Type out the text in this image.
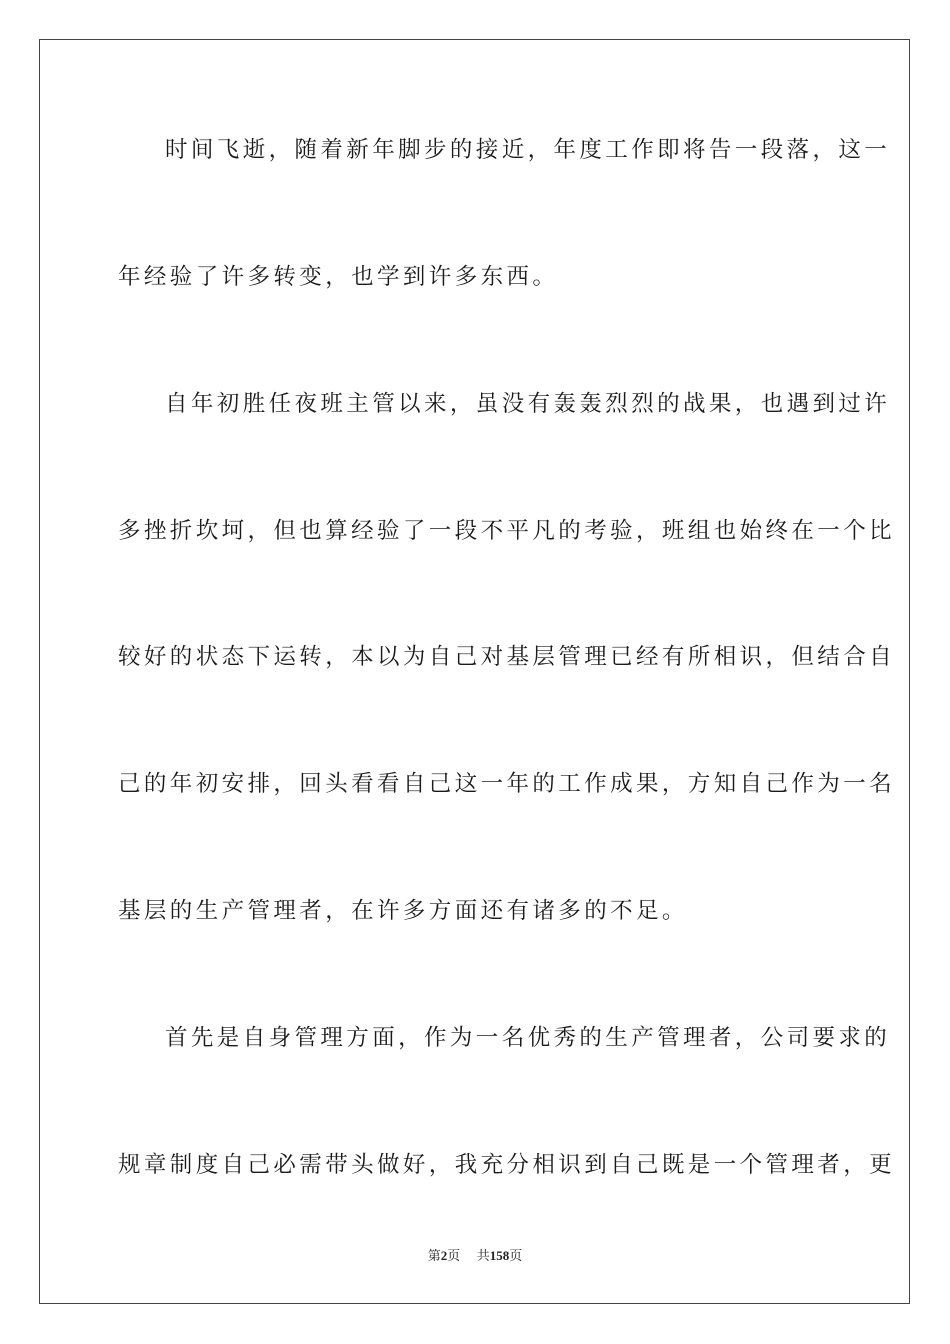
时间飞逝，随着新年脚步的接近，年度工作即将告一段落，这一
年经验了许多转变，也学到许多东西。
自年初胜任夜班主管以来，虽没有轰轰烈烈的战果，也遇到过许
多挫折坎坷，但也算经验了一段不平凡的考验，班组也始终在一个比
较好的状态下运转，本以为自己对基层管理已经有所相识，但结合自
己的年初安排，回头看看自己这一年的工作成果，方知自己作为一名
基层的生产管理者，在许多方面还有诸多的不足。
首先是自身管理方面，作为一名优秀的生产管理者，公司要求的
规章制度自己必需带头做好，我充分相识到自己既是一个管理者，更
第2页 共158页
